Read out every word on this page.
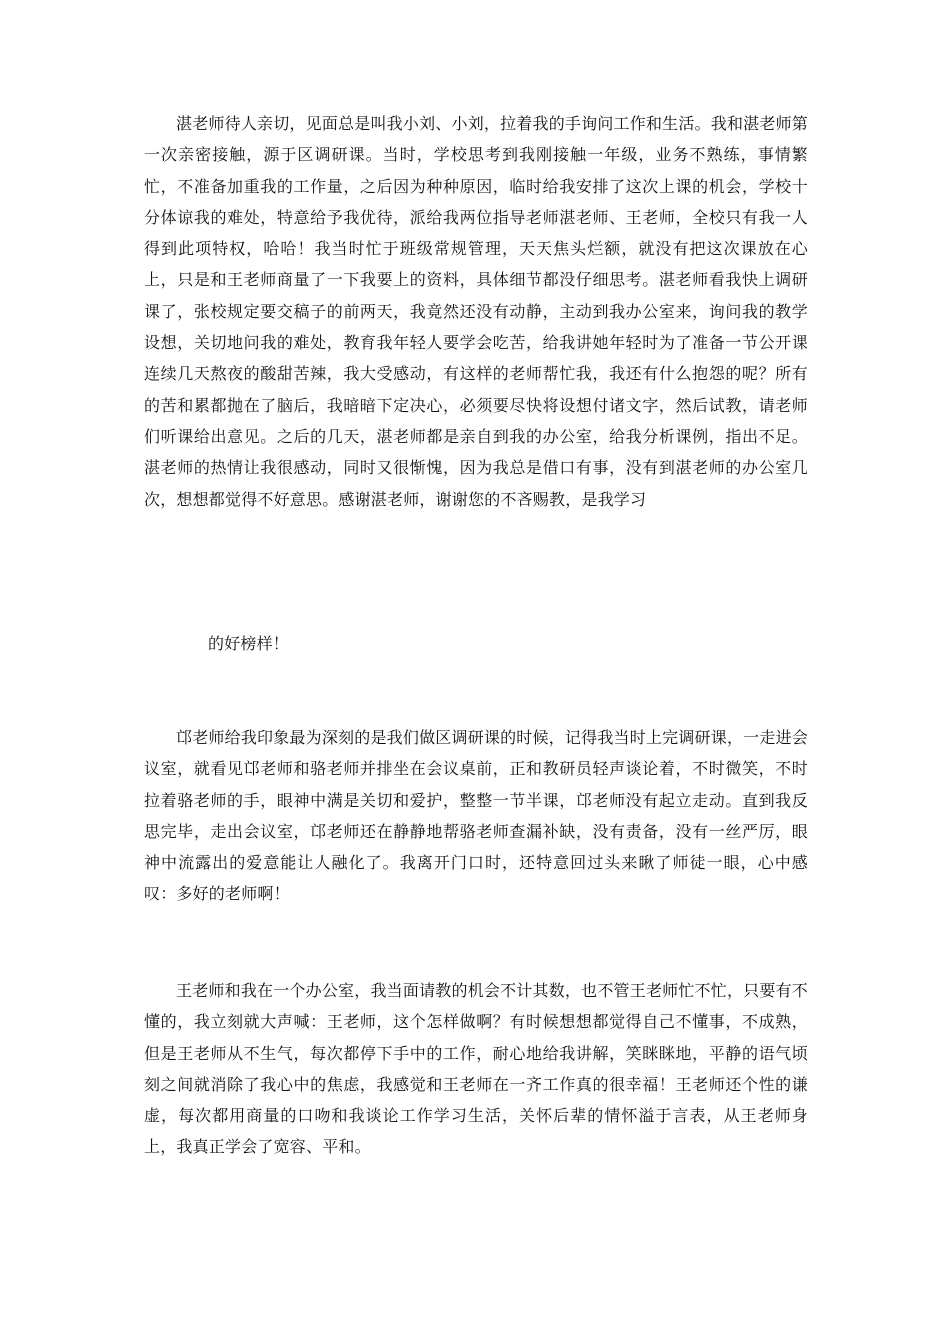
湛老师待人亲切，见面总是叫我小刘、小刘，拉着我的手询问工作和生活。我和湛老师第一次亲密接触，源于区调研课。当时，学校思考到我刚接触一年级，业务不熟练，事情繁忙，不准备加重我的工作量，之后因为种种原因，临时给我安排了这次上课的机会，学校十分体谅我的难处，特意给予我优待，派给我两位指导老师湛老师、王老师，全校只有我一人得到此项特权，哈哈！我当时忙于班级常规管理，天天焦头烂额，就没有把这次课放在心上，只是和王老师商量了一下我要上的资料，具体细节都没仔细思考。湛老师看我快上调研课了，张校规定要交稿子的前两天，我竟然还没有动静，主动到我办公室来，询问我的教学设想，关切地问我的难处，教育我年轻人要学会吃苦，给我讲她年轻时为了准备一节公开课连续几天熬夜的酸甜苦辣，我大受感动，有这样的老师帮忙我，我还有什么抱怨的呢？所有的苦和累都抛在了脑后，我暗暗下定决心，必须要尽快将设想付诸文字，然后试教，请老师们听课给出意见。之后的几天，湛老师都是亲自到我的办公室，给我分析课例，指出不足。湛老师的热情让我很感动，同时又很惭愧，因为我总是借口有事，没有到湛老师的办公室几次，想想都觉得不好意思。感谢湛老师，谢谢您的不吝赐教，是我学习

的好榜样！

邙老师给我印象最为深刻的是我们做区调研课的时候，记得我当时上完调研课，一走进会议室，就看见邙老师和骆老师并排坐在会议桌前，正和教研员轻声谈论着，不时微笑，不时拉着骆老师的手，眼神中满是关切和爱护，整整一节半课，邙老师没有起立走动。直到我反思完毕，走出会议室，邙老师还在静静地帮骆老师查漏补缺，没有责备，没有一丝严厉，眼神中流露出的爱意能让人融化了。我离开门口时，还特意回过头来瞅了师徒一眼，心中感叹：多好的老师啊！

王老师和我在一个办公室，我当面请教的机会不计其数，也不管王老师忙不忙，只要有不懂的，我立刻就大声喊：王老师，这个怎样做啊？有时候想想都觉得自己不懂事，不成熟，但是王老师从不生气，每次都停下手中的工作，耐心地给我讲解，笑眯眯地，平静的语气顷刻之间就消除了我心中的焦虑，我感觉和王老师在一齐工作真的很幸福！王老师还个性的谦虚，每次都用商量的口吻和我谈论工作学习生活，关怀后辈的情怀溢于言表，从王老师身上，我真正学会了宽容、平和。
